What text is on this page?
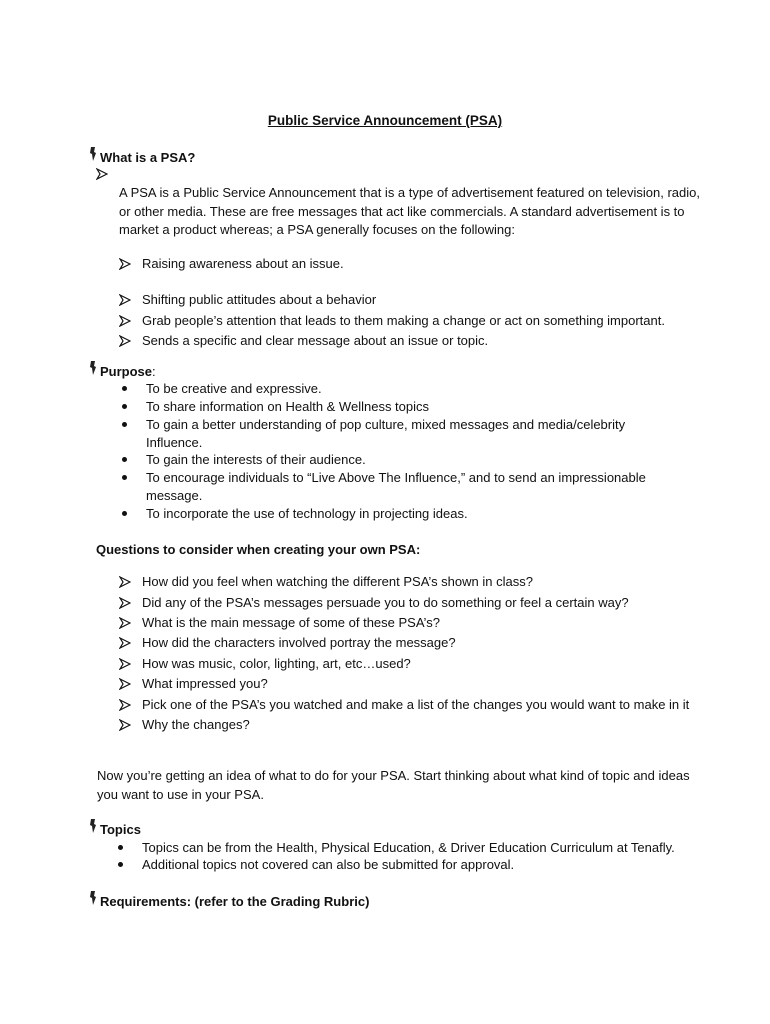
Public Service Announcement (PSA)
What is a PSA?
A PSA is a Public Service Announcement that is a type of advertisement featured on television, radio,
or other media. These are free messages that act like commercials. A standard advertisement is to
market a product whereas; a PSA generally focuses on the following:
Raising awareness about an issue.
Shifting public attitudes about a behavior
Grab people’s attention that leads to them making a change or act on something important.
Sends a specific and clear message about an issue or topic.
Purpose:
To be creative and expressive.
To share information on Health & Wellness topics
To gain a better understanding of pop culture, mixed messages and media/celebrity
Influence.
To gain the interests of their audience.
To encourage individuals to “Live Above The Influence,” and to send an impressionable
message.
To incorporate the use of technology in projecting ideas.
Questions to consider when creating your own PSA:
How did you feel when watching the different PSA’s shown in class?
Did any of the PSA’s messages persuade you to do something or feel a certain way?
What is the main message of some of these PSA’s?
How did the characters involved portray the message?
How was music, color, lighting, art, etc…used?
What impressed you?
Pick one of the PSA’s you watched and make a list of the changes you would want to make in it
Why the changes?
Now you’re getting an idea of what to do for your PSA. Start thinking about what kind of topic and ideas
you want to use in your PSA.
Topics
Topics can be from the Health, Physical Education, & Driver Education Curriculum at Tenafly.
Additional topics not covered can also be submitted for approval.
Requirements: (refer to the Grading Rubric)
